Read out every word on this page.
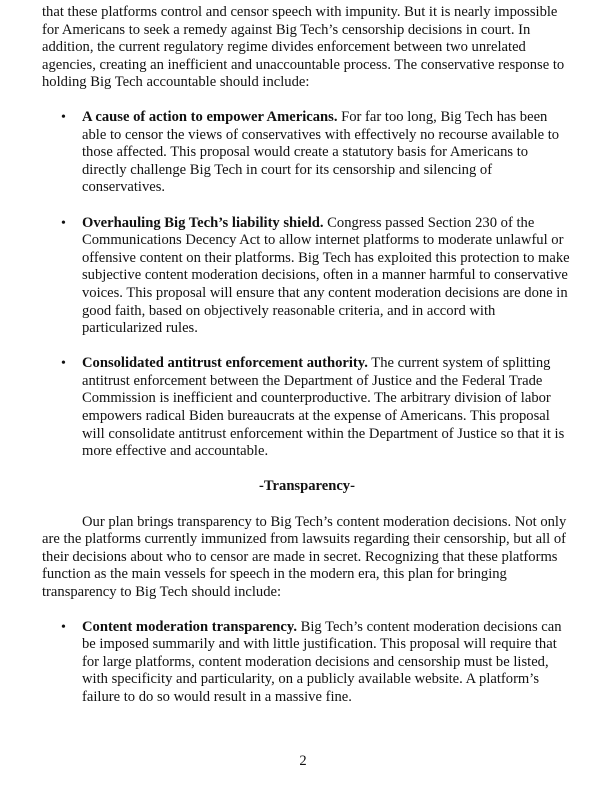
that these platforms control and censor speech with impunity. But it is nearly impossible for Americans to seek a remedy against Big Tech’s censorship decisions in court. In addition, the current regulatory regime divides enforcement between two unrelated agencies, creating an inefficient and unaccountable process. The conservative response to holding Big Tech accountable should include:

• A cause of action to empower Americans. For far too long, Big Tech has been able to censor the views of conservatives with effectively no recourse available to those affected. This proposal would create a statutory basis for Americans to directly challenge Big Tech in court for its censorship and silencing of conservatives.
• Overhauling Big Tech’s liability shield. Congress passed Section 230 of the Communications Decency Act to allow internet platforms to moderate unlawful or offensive content on their platforms. Big Tech has exploited this protection to make subjective content moderation decisions, often in a manner harmful to conservative voices. This proposal will ensure that any content moderation decisions are done in good faith, based on objectively reasonable criteria, and in accord with particularized rules.
• Consolidated antitrust enforcement authority. The current system of splitting antitrust enforcement between the Department of Justice and the Federal Trade Commission is inefficient and counterproductive. The arbitrary division of labor empowers radical Biden bureaucrats at the expense of Americans. This proposal will consolidate antitrust enforcement within the Department of Justice so that it is more effective and accountable.

-Transparency-

Our plan brings transparency to Big Tech’s content moderation decisions. Not only are the platforms currently immunized from lawsuits regarding their censorship, but all of their decisions about who to censor are made in secret. Recognizing that these platforms function as the main vessels for speech in the modern era, this plan for bringing transparency to Big Tech should include:

• Content moderation transparency. Big Tech’s content moderation decisions can be imposed summarily and with little justification. This proposal will require that for large platforms, content moderation decisions and censorship must be listed, with specificity and particularity, on a publicly available website. A platform’s failure to do so would result in a massive fine.
2
